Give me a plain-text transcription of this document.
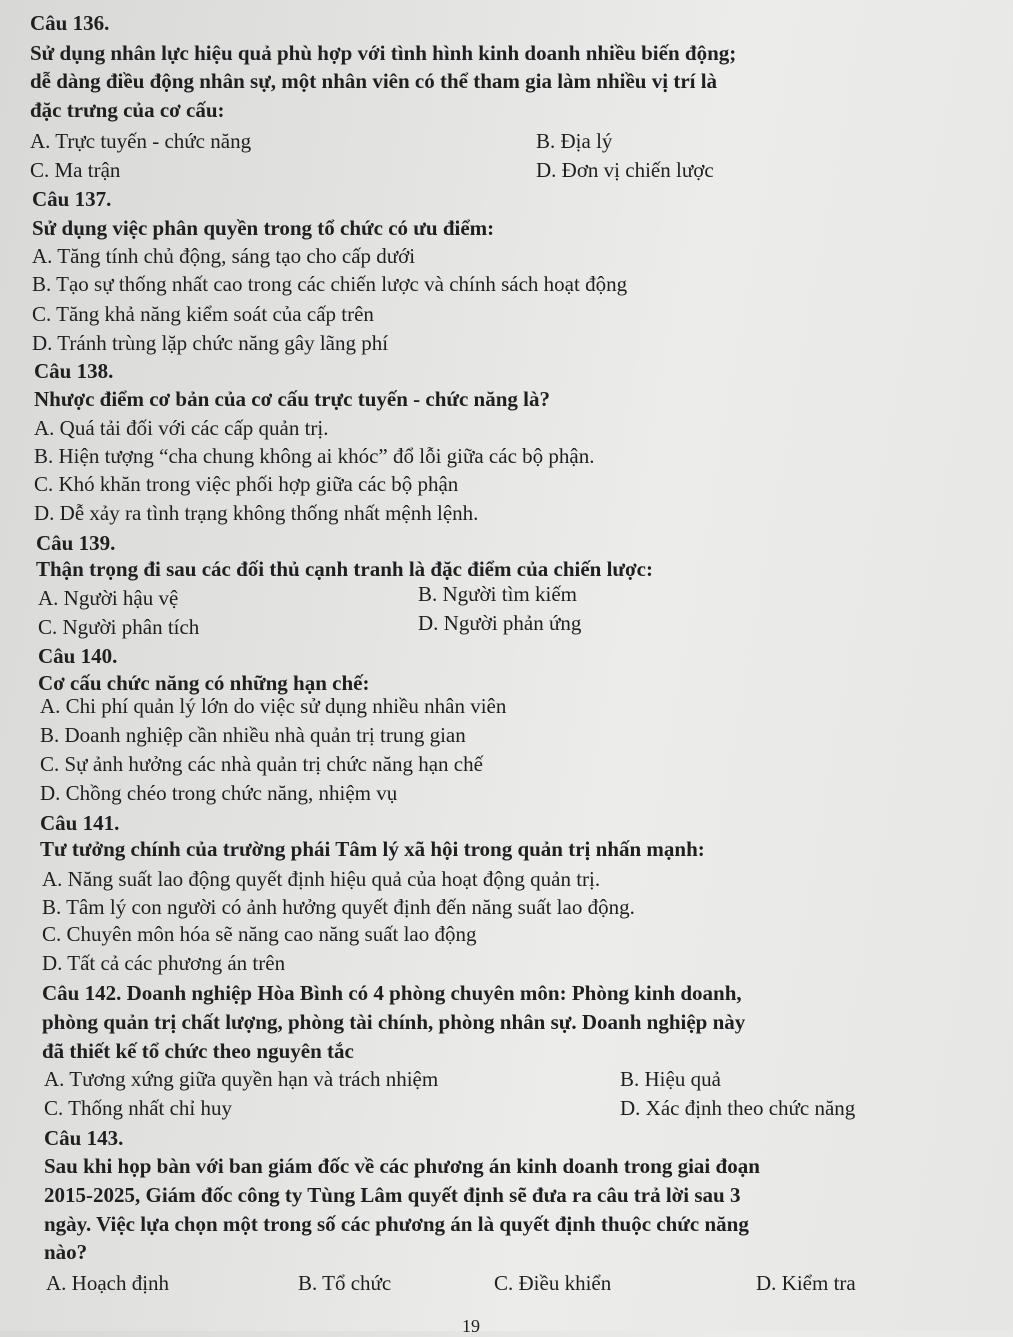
Câu 136.
Sử dụng nhân lực hiệu quả phù hợp với tình hình kinh doanh nhiều biến động;
dễ dàng điều động nhân sự, một nhân viên có thể tham gia làm nhiều vị trí là
đặc trưng của cơ cấu:
A. Trực tuyến - chức năng	B. Địa lý
C. Ma trận	D. Đơn vị chiến lược
Câu 137.
Sử dụng việc phân quyền trong tổ chức có ưu điểm:
A. Tăng tính chủ động, sáng tạo cho cấp dưới
B. Tạo sự thống nhất cao trong các chiến lược và chính sách hoạt động
C. Tăng khả năng kiểm soát của cấp trên
D. Tránh trùng lặp chức năng gây lãng phí
Câu 138.
Nhược điểm cơ bản của cơ cấu trực tuyến - chức năng là?
A. Quá tải đối với các cấp quản trị.
B. Hiện tượng “cha chung không ai khóc” đổ lỗi giữa các bộ phận.
C. Khó khăn trong việc phối hợp giữa các bộ phận
D. Dễ xảy ra tình trạng không thống nhất mệnh lệnh.
Câu 139.
Thận trọng đi sau các đối thủ cạnh tranh là đặc điểm của chiến lược:
A. Người hậu vệ	B. Người tìm kiếm
C. Người phân tích	D. Người phản ứng
Câu 140.
Cơ cấu chức năng có những hạn chế:
A. Chi phí quản lý lớn do việc sử dụng nhiều nhân viên
B. Doanh nghiệp cần nhiều nhà quản trị trung gian
C. Sự ảnh hưởng các nhà quản trị chức năng hạn chế
D. Chồng chéo trong chức năng, nhiệm vụ
Câu 141.
Tư tưởng chính của trường phái Tâm lý xã hội trong quản trị nhấn mạnh:
A. Năng suất lao động quyết định hiệu quả của hoạt động quản trị.
B. Tâm lý con người có ảnh hưởng quyết định đến năng suất lao động.
C. Chuyên môn hóa sẽ năng cao năng suất lao động
D. Tất cả các phương án trên
Câu 142. Doanh nghiệp Hòa Bình có 4 phòng chuyên môn: Phòng kinh doanh,
phòng quản trị chất lượng, phòng tài chính, phòng nhân sự. Doanh nghiệp này
đã thiết kế tổ chức theo nguyên tắc
A. Tương xứng giữa quyền hạn và trách nhiệm	B. Hiệu quả
C. Thống nhất chỉ huy	D. Xác định theo chức năng
Câu 143.
Sau khi họp bàn với ban giám đốc về các phương án kinh doanh trong giai đoạn
2015-2025, Giám đốc công ty Tùng Lâm quyết định sẽ đưa ra câu trả lời sau 3
ngày. Việc lựa chọn một trong số các phương án là quyết định thuộc chức năng
nào?
A. Hoạch định	B. Tổ chức	C. Điều khiển	D. Kiểm tra
19
